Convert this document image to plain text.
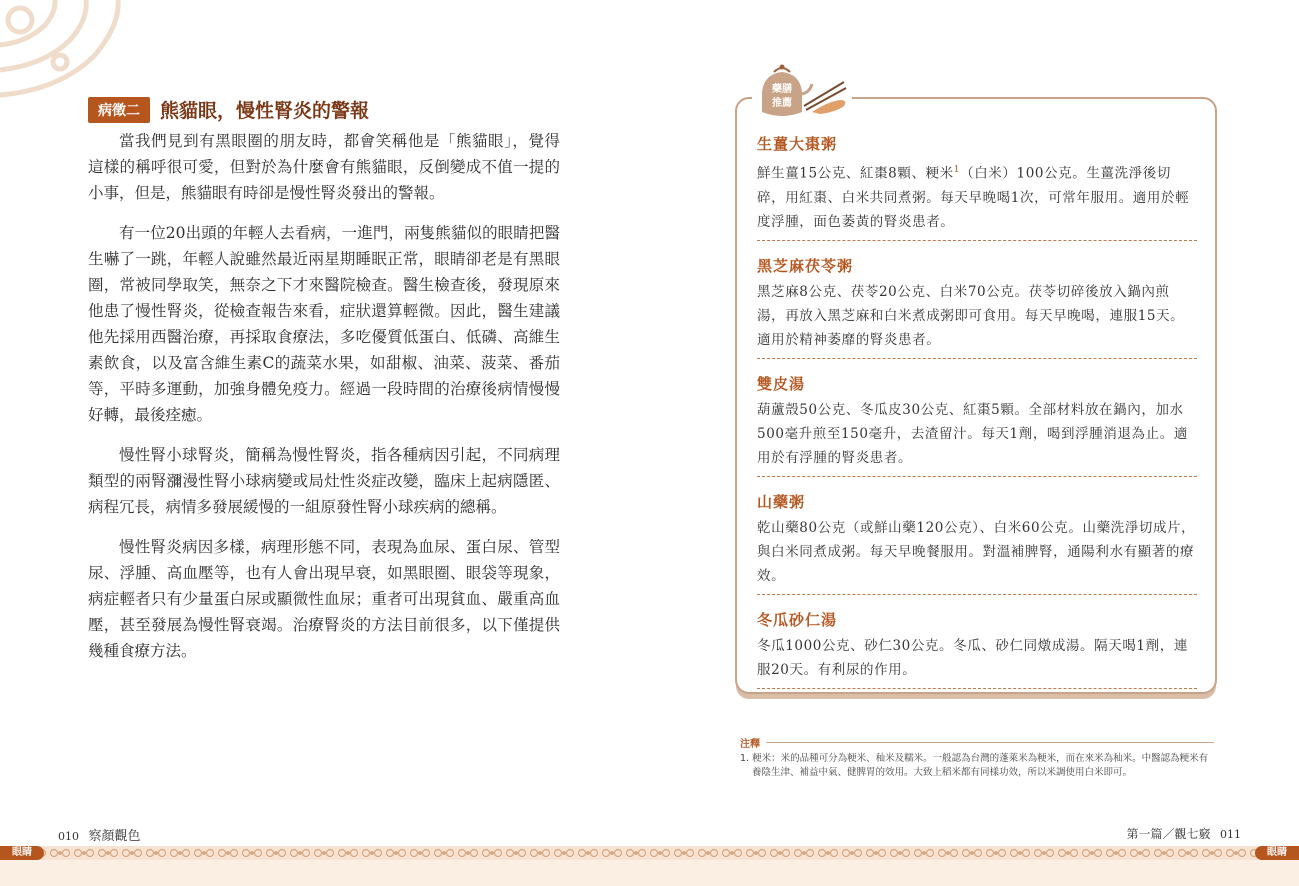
病徵二	熊貓眼，慢性腎炎的警報

當我們見到有黑眼圈的朋友時，都會笑稱他是「熊貓眼」，覺得這樣的稱呼很可愛，但對於為什麼會有熊貓眼，反倒變成不值一提的小事，但是，熊貓眼有時卻是慢性腎炎發出的警報。

有一位20出頭的年輕人去看病，一進門，兩隻熊貓似的眼睛把醫生嚇了一跳，年輕人說雖然最近兩星期睡眠正常，眼睛卻老是有黑眼圈，常被同學取笑，無奈之下才來醫院檢查。醫生檢查後，發現原來他患了慢性腎炎，從檢查報告來看，症狀還算輕微。因此，醫生建議他先採用西醫治療，再採取食療法，多吃優質低蛋白、低磷、高維生素飲食，以及富含維生素C的蔬菜水果，如甜椒、油菜、菠菜、番茄等，平時多運動，加強身體免疫力。經過一段時間的治療後病情慢慢好轉，最後痊癒。

慢性腎小球腎炎，簡稱為慢性腎炎，指各種病因引起，不同病理類型的兩腎瀰漫性腎小球病變或局灶性炎症改變，臨床上起病隱匿、病程冗長，病情多發展緩慢的一組原發性腎小球疾病的總稱。

慢性腎炎病因多樣，病理形態不同，表現為血尿、蛋白尿、管型尿、浮腫、高血壓等，也有人會出現早衰，如黑眼圈、眼袋等現象，病症輕者只有少量蛋白尿或顯微性血尿；重者可出現貧血、嚴重高血壓，甚至發展為慢性腎衰竭。治療腎炎的方法目前很多，以下僅提供幾種食療方法。

藥膳
推薦

生薑大棗粥

鮮生薑15公克、紅棗8顆、粳米$^1$（白米）100公克。生薑洗淨後切碎，用紅棗、白米共同煮粥。每天早晚喝1次，可常年服用。適用於輕度浮腫，面色萎黃的腎炎患者。

黑芝麻茯苓粥

黑芝麻8公克、茯苓20公克、白米70公克。茯苓切碎後放入鍋內煎湯，再放入黑芝麻和白米煮成粥即可食用。每天早晚喝，連服15天。適用於精神萎靡的腎炎患者。

雙皮湯

葫蘆殼50公克、冬瓜皮30公克、紅棗5顆。全部材料放在鍋內，加水500毫升煎至150毫升，去渣留汁。每天1劑，喝到浮腫消退為止。適用於有浮腫的腎炎患者。

山藥粥

乾山藥80公克（或鮮山藥120公克）、白米60公克。山藥洗淨切成片，與白米同煮成粥。每天早晚餐服用。對溫補脾腎，通陽利水有顯著的療效。

冬瓜砂仁湯

冬瓜1000公克、砂仁30公克。冬瓜、砂仁同燉成湯。隔天喝1劑，連服20天。有利尿的作用。

注釋

1. 粳米：米的品種可分為粳米、秈米及糯米。一般認為台灣的蓬萊米為粳米，而在來米為秈米。中醫認為粳米有養陰生津、補益中氣、健脾胃的效用。大致上稻米都有同樣功效，所以米調使用白米即可。

010 察顏觀色	第一篇／觀七竅 011
眼睛	眼睛
